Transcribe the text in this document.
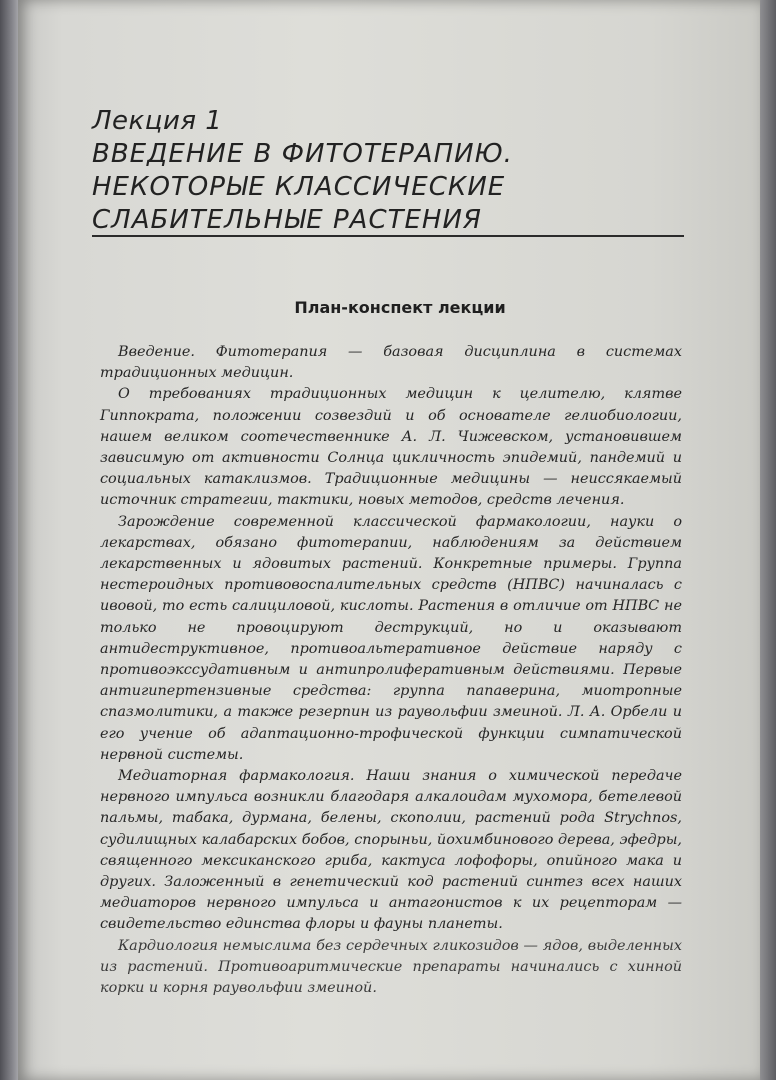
Лекция 1

ВВЕДЕНИЕ В ФИТОТЕРАПИЮ.

НЕКОТОРЫЕ КЛАССИЧЕСКИЕ

СЛАБИТЕЛЬНЫЕ РАСТЕНИЯ

План-конспект лекции

Введение. Фитотерапия — базовая дисциплина в системах традиционных медицин.

О требованиях традиционных медицин к целителю, клятве Гиппократа, положении созвездий и об основателе гелиобиологии, нашем великом соотечественнике А. Л. Чижевском, установившем зависимую от активности Солнца цикличность эпидемий, пандемий и социальных катаклизмов. Традиционные медицины — неиссякаемый источник стратегии, тактики, новых методов, средств лечения.

Зарождение современной классической фармакологии, науки о лекарствах, обязано фитотерапии, наблюдениям за действием лекарственных и ядовитых растений. Конкретные примеры. Группа нестероидных противовоспалительных средств (НПВС) начиналась с ивовой, то есть салициловой, кислоты. Растения в отличие от НПВС не только не провоцируют деструкций, но и оказывают антидеструктивное, противоальтеративное действие наряду с противоэкссудативным и антипролиферативным действиями. Первые антигипертензивные средства: группа папаверина, миотропные спазмолитики, а также резерпин из раувольфии змеиной. Л. А. Орбели и его учение об адаптационно-трофической функции симпатической нервной системы.

Медиаторная фармакология. Наши знания о химической передаче нервного импульса возникли благодаря алкалоидам мухомора, бетелевой пальмы, табака, дурмана, белены, скополии, растений рода Strychnos, судилищных калабарских бобов, спорыньи, йохимбинового дерева, эфедры, священного мексиканского гриба, кактуса лофофоры, опийного мака и других. Заложенный в генетический код растений синтез всех наших медиаторов нервного импульса и антагонистов к их рецепторам — свидетельство единства флоры и фауны планеты.

Кардиология немыслима без сердечных гликозидов — ядов, выделенных из растений. Противоаритмические препараты начинались с хинной корки и корня раувольфии змеиной.
